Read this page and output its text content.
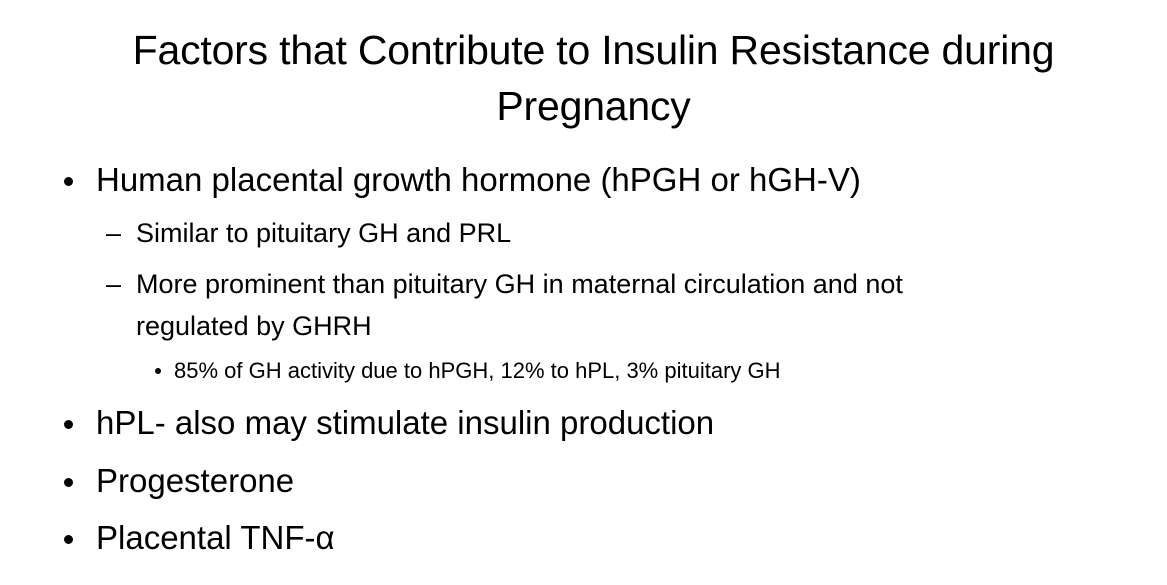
Factors that Contribute to Insulin Resistance during Pregnancy
Human placental growth hormone (hPGH or hGH-V)
– Similar to pituitary GH and PRL
– More prominent than pituitary GH in maternal circulation and not
regulated by GHRH
85% of GH activity due to hPGH, 12% to hPL, 3% pituitary GH
hPL- also may stimulate insulin production
Progesterone
Placental TNF-α
